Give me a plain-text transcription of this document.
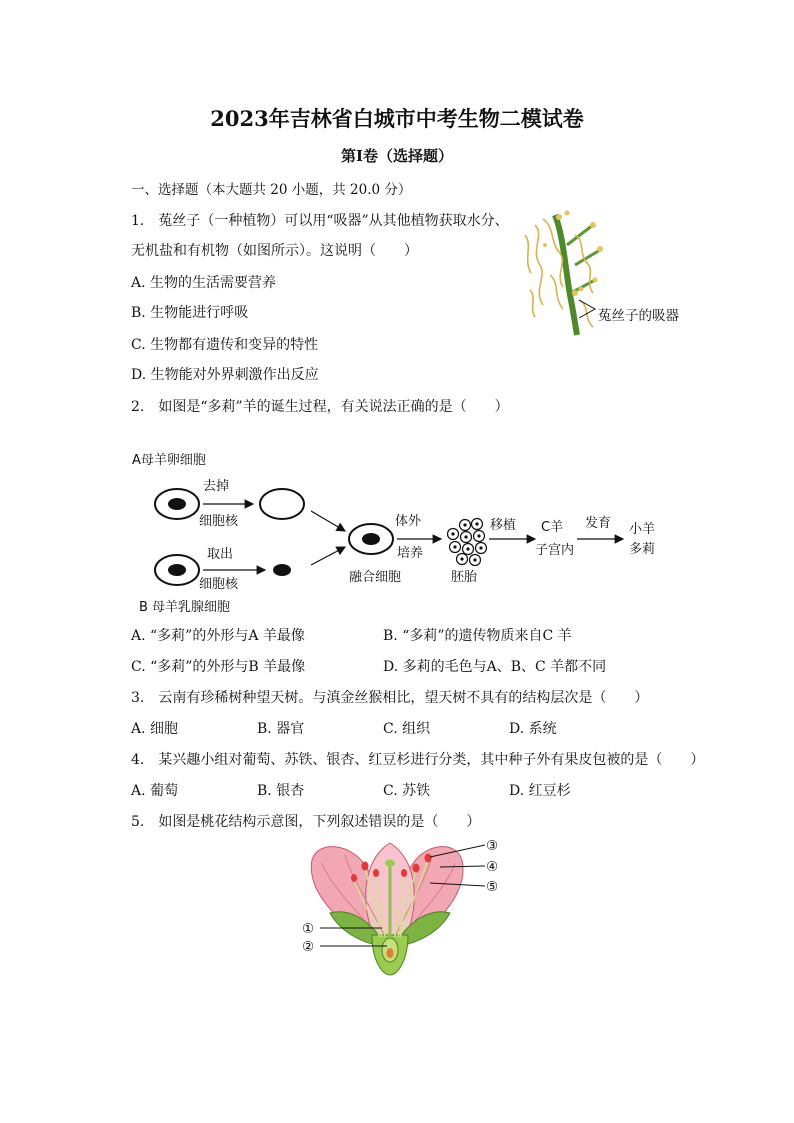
2023年吉林省白城市中考生物二模试卷
第Ⅰ卷（选择题）
一、选择题（本大题共 20 小题，共 20.0 分）
1.　菟丝子（一种植物）可以用“吸器”从其他植物获取水分、
无机盐和有机物（如图所示）。这说明（　　）
A. 生物的生活需要营养
B. 生物能进行呼吸
C. 生物都有遗传和变异的特性
D. 生物能对外界刺激作出反应
菟丝子的吸器
2.　如图是“多莉”羊的诞生过程，有关说法正确的是（　　）
A母羊卵细胞
去掉
细胞核
取出
细胞核
B 母羊乳腺细胞
融合细胞
体外
培养
胚胎
移植 C羊
子宫内
发育 小羊
多莉
A. “多莉”的外形与A 羊最像	B. “多莉”的遗传物质来自C 羊
C. “多莉”的外形与B 羊最像	D. 多莉的毛色与A、B、C 羊都不同
3.　云南有珍稀树种望天树。与滇金丝猴相比，望天树不具有的结构层次是（　　）
A. 细胞	B. 器官	C. 组织	D. 系统
4.　某兴趣小组对葡萄、苏铁、银杏、红豆杉进行分类，其中种子外有果皮包被的是（　　）
A. 葡萄	B. 银杏	C. 苏铁	D. 红豆杉
5.　如图是桃花结构示意图，下列叙述错误的是（　　）
③
④
⑤
①
②
